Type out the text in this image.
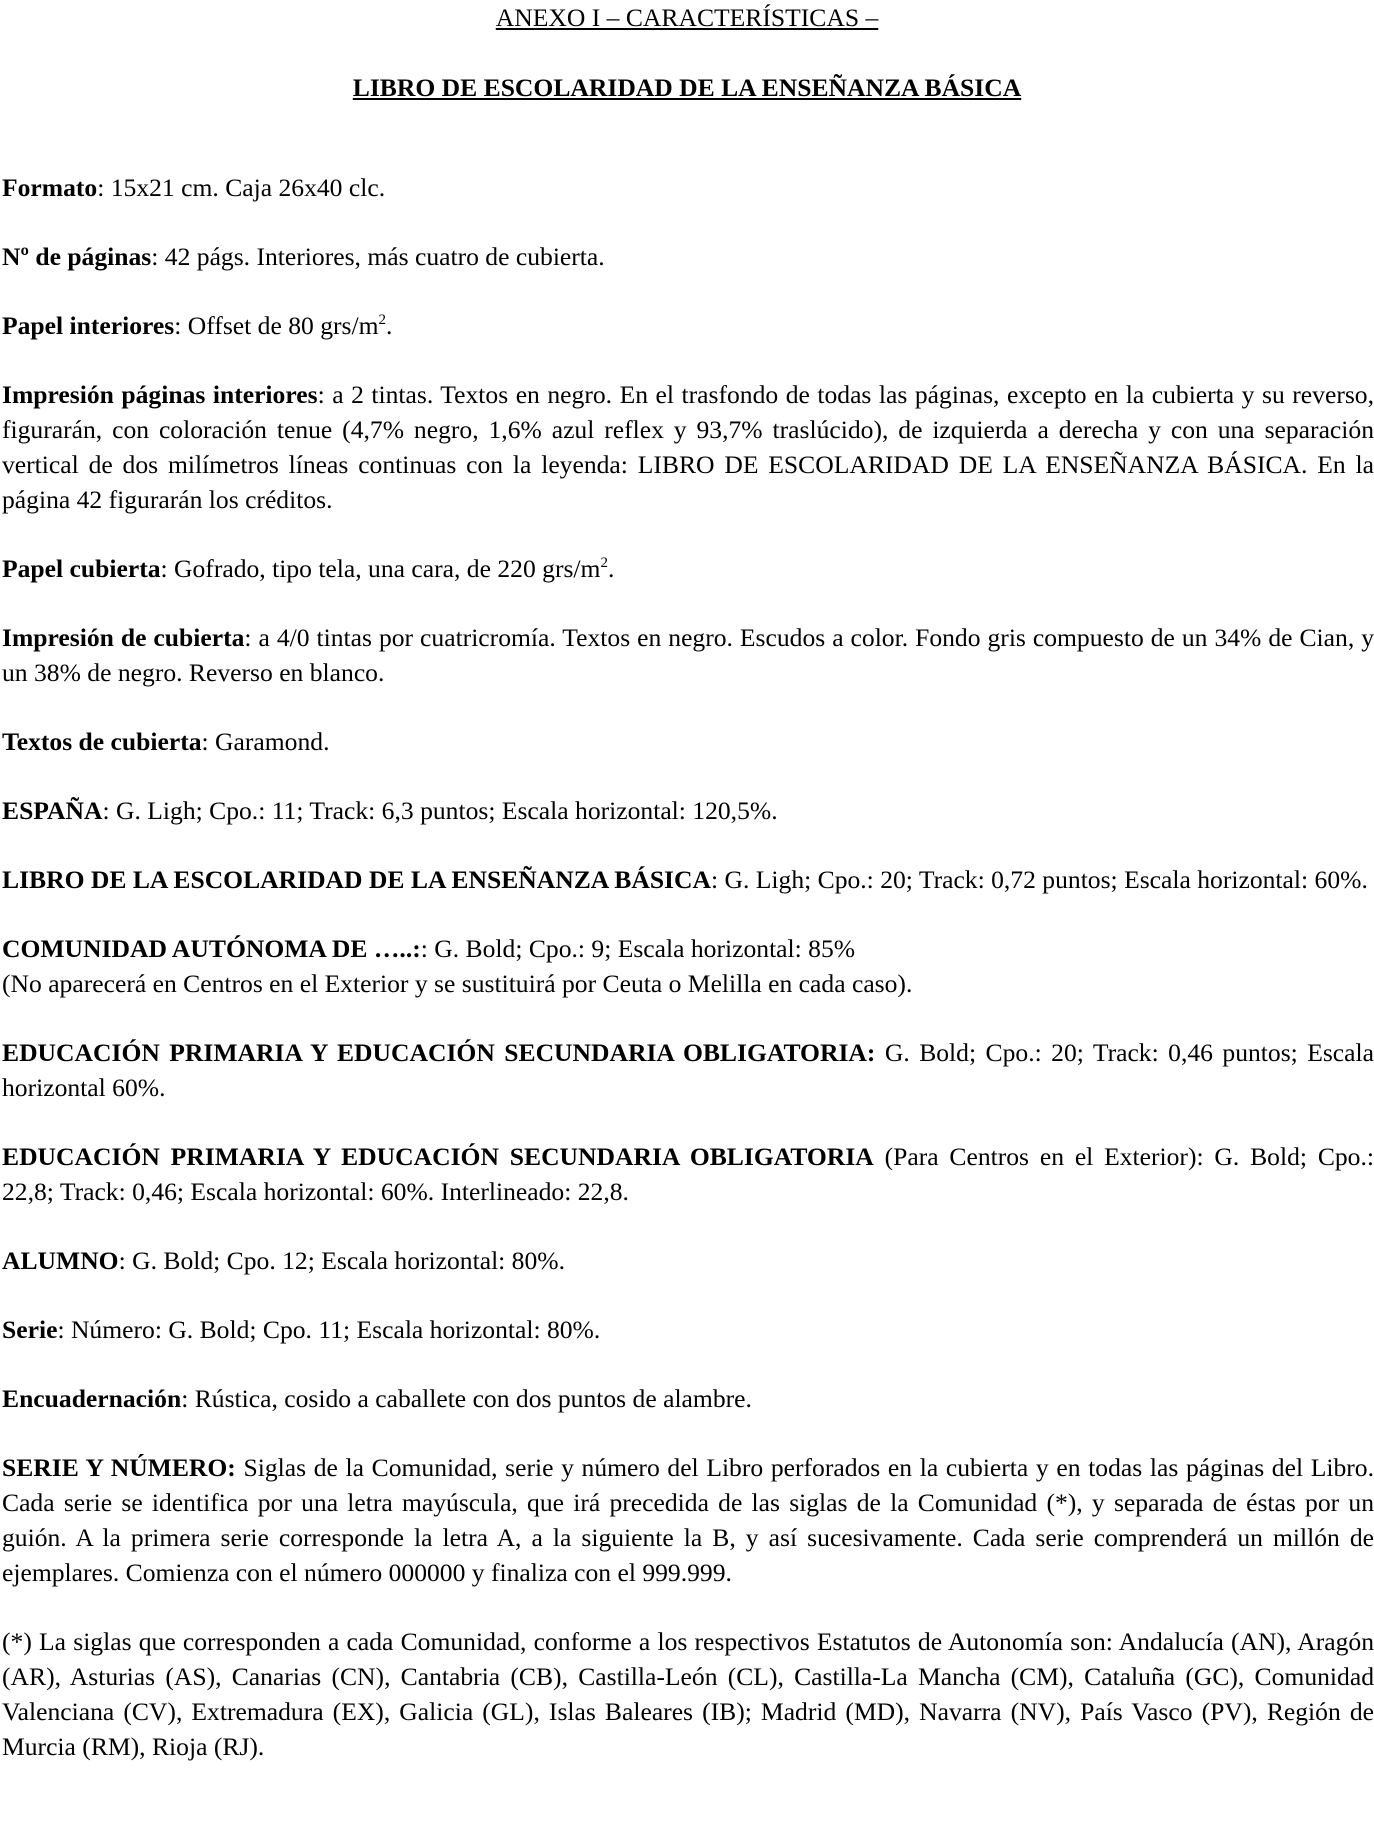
ANEXO I – CARACTERÍSTICAS –
LIBRO DE ESCOLARIDAD DE LA ENSEÑANZA BÁSICA

Formato: 15x21 cm. Caja 26x40 clc.

Nº de páginas: 42 págs. Interiores, más cuatro de cubierta.

Papel interiores: Offset de 80 grs/$m^2$.

Impresión páginas interiores: a 2 tintas. Textos en negro. En el trasfondo de todas las páginas, excepto en la cubierta y su reverso, figurarán, con coloración tenue (4,7% negro, 1,6% azul reflex y 93,7% traslúcido), de izquierda a derecha y con una separación vertical de dos milímetros líneas continuas con la leyenda: LIBRO DE ESCOLARIDAD DE LA ENSEÑANZA BÁSICA. En la página 42 figurarán los créditos.

Papel cubierta: Gofrado, tipo tela, una cara, de 220 grs/$m^2$.

Impresión de cubierta: a 4/0 tintas por cuatricromía. Textos en negro. Escudos a color. Fondo gris compuesto de un 34% de Cian, y un 38% de negro. Reverso en blanco.

Textos de cubierta: Garamond.

ESPAÑA: G. Ligh; Cpo.: 11; Track: 6,3 puntos; Escala horizontal: 120,5%.

LIBRO DE LA ESCOLARIDAD DE LA ENSEÑANZA BÁSICA: G. Ligh; Cpo.: 20; Track: 0,72 puntos; Escala horizontal: 60%.

COMUNIDAD AUTÓNOMA DE …..:: G. Bold; Cpo.: 9; Escala horizontal: 85%
(No aparecerá en Centros en el Exterior y se sustituirá por Ceuta o Melilla en cada caso).

EDUCACIÓN PRIMARIA Y EDUCACIÓN SECUNDARIA OBLIGATORIA: G. Bold; Cpo.: 20; Track: 0,46 puntos; Escala horizontal 60%.

EDUCACIÓN PRIMARIA Y EDUCACIÓN SECUNDARIA OBLIGATORIA (Para Centros en el Exterior): G. Bold; Cpo.: 22,8; Track: 0,46; Escala horizontal: 60%. Interlineado: 22,8.

ALUMNO: G. Bold; Cpo. 12; Escala horizontal: 80%.

Serie: Número: G. Bold; Cpo. 11; Escala horizontal: 80%.

Encuadernación: Rústica, cosido a caballete con dos puntos de alambre.

SERIE Y NÚMERO: Siglas de la Comunidad, serie y número del Libro perforados en la cubierta y en todas las páginas del Libro. Cada serie se identifica por una letra mayúscula, que irá precedida de las siglas de la Comunidad (*), y separada de éstas por un guión. A la primera serie corresponde la letra A, a la siguiente la B, y así sucesivamente. Cada serie comprenderá un millón de ejemplares. Comienza con el número 000000 y finaliza con el 999.999.

(*) La siglas que corresponden a cada Comunidad, conforme a los respectivos Estatutos de Autonomía son: Andalucía (AN), Aragón (AR), Asturias (AS), Canarias (CN), Cantabria (CB), Castilla-León (CL), Castilla-La Mancha (CM), Cataluña (GC), Comunidad Valenciana (CV), Extremadura (EX), Galicia (GL), Islas Baleares (IB); Madrid (MD), Navarra (NV), País Vasco (PV), Región de Murcia (RM), Rioja (RJ).
